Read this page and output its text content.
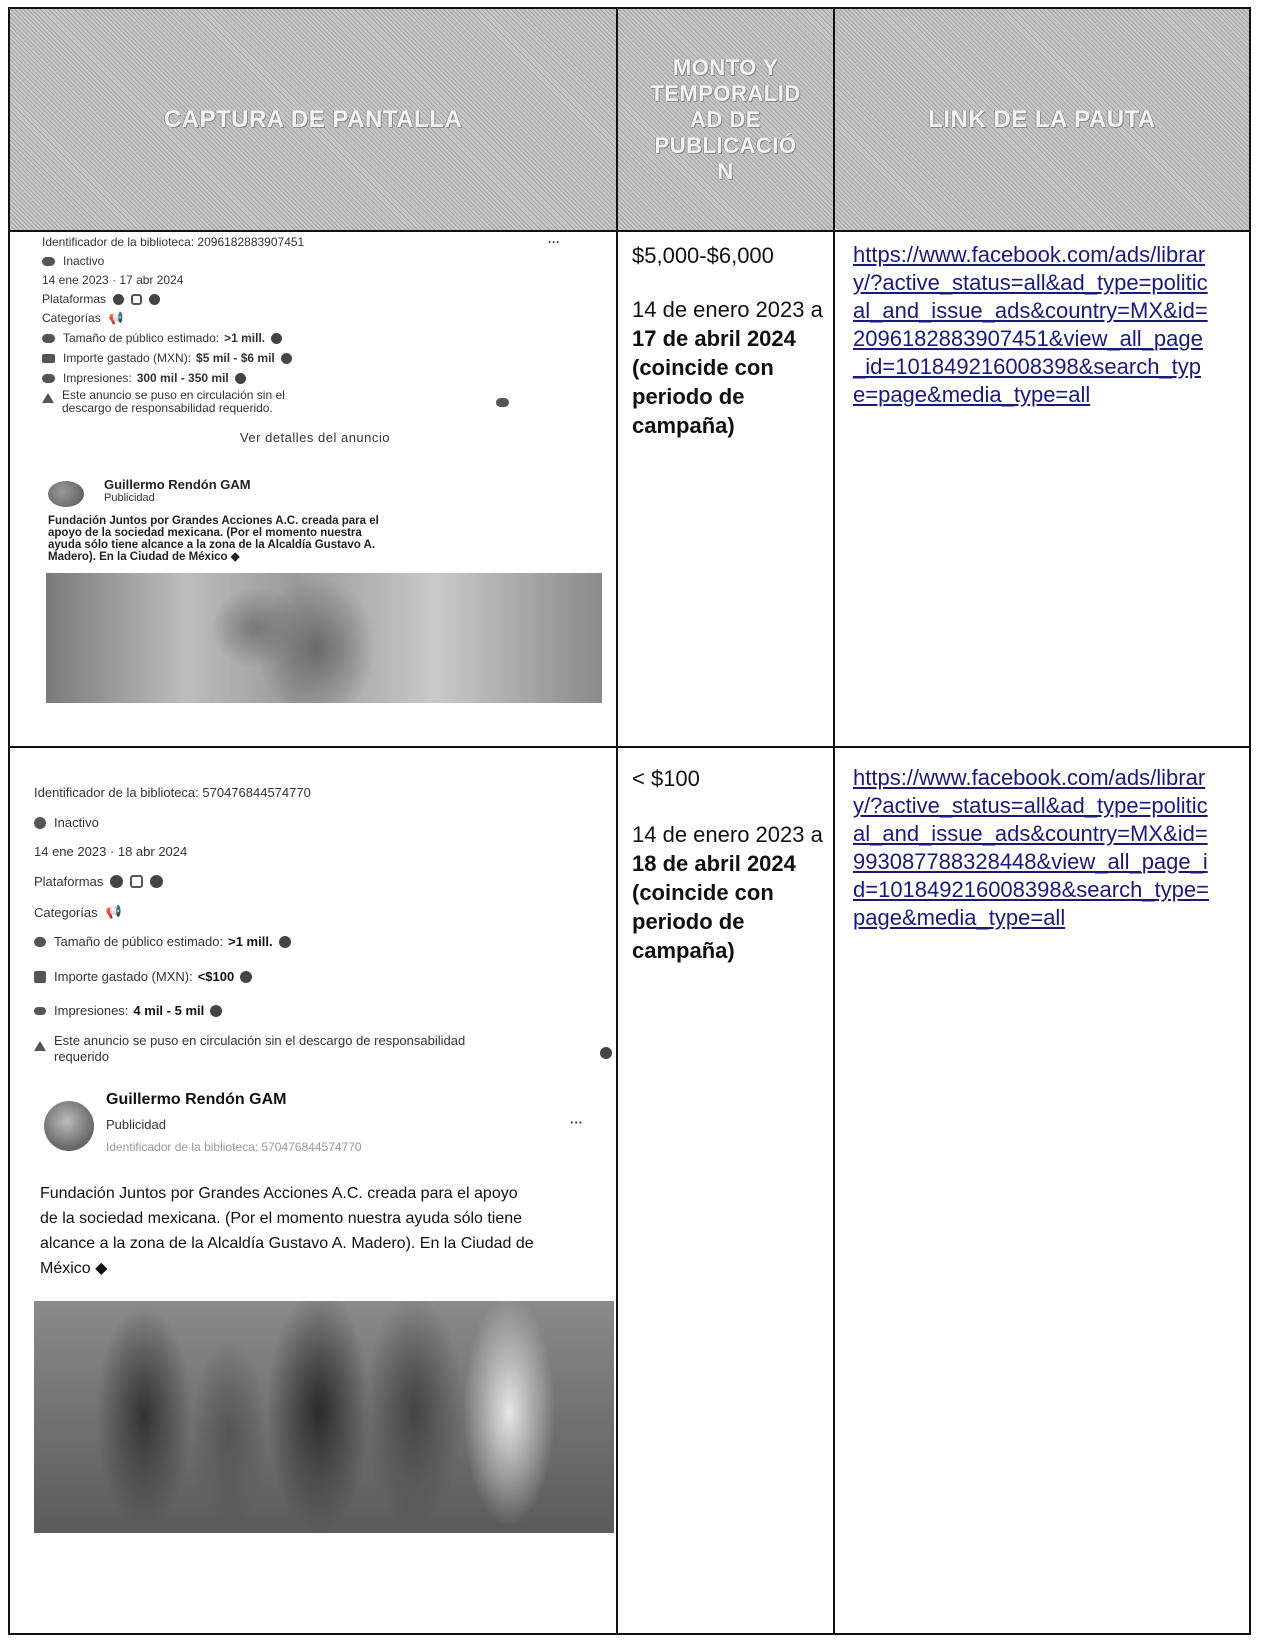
CAPTURA DE PANTALLA
MONTO Y
TEMPORALID
AD DE
PUBLICACIÓ
N
LINK DE LA PAUTA
Identificador de la biblioteca: 2096182883907451	···
Inactivo
14 ene 2023 · 17 abr 2024
Plataformas
Categorías 📢
Tamaño de público estimado: >1 mill.
Importe gastado (MXN): $5 mil - $6 mil
Impresiones: 300 mil - 350 mil
Este anuncio se puso en circulación sin el
descargo de responsabilidad requerido.
Ver detalles del anuncio
Guillermo Rendón GAM
Publicidad
Fundación Juntos por Grandes Acciones A.C. creada para el
apoyo de la sociedad mexicana. (Por el momento nuestra
ayuda sólo tiene alcance a la zona de la Alcaldía Gustavo A.
Madero). En la Ciudad de México ◆

$5,000-$6,000

14 de enero 2023 a 17 de abril 2024 (coincide con periodo de campaña)
https://www.facebook.com/ads/library/?active_status=all&ad_type=political_and_issue_ads&country=MX&id=2096182883907451&view_all_page_id=101849216008398&search_type=page&media_type=all
Identificador de la biblioteca: 570476844574770
Inactivo
14 ene 2023 · 18 abr 2024
Plataformas
Categorías 📢
Tamaño de público estimado: >1 mill.
Importe gastado (MXN): <$100
Impresiones: 4 mil - 5 mil
Este anuncio se puso en circulación sin el descargo de responsabilidad
requerido
Guillermo Rendón GAM
Publicidad
Identificador de la biblioteca: 570476844574770
···
Fundación Juntos por Grandes Acciones A.C. creada para el apoyo
de la sociedad mexicana. (Por el momento nuestra ayuda sólo tiene
alcance a la zona de la Alcaldía Gustavo A. Madero). En la Ciudad de
México ◆

< $100

14 de enero 2023 a 18 de abril 2024 (coincide con periodo de campaña)
https://www.facebook.com/ads/library/?active_status=all&ad_type=political_and_issue_ads&country=MX&id=993087788328448&view_all_page_id=101849216008398&search_type=page&media_type=all
